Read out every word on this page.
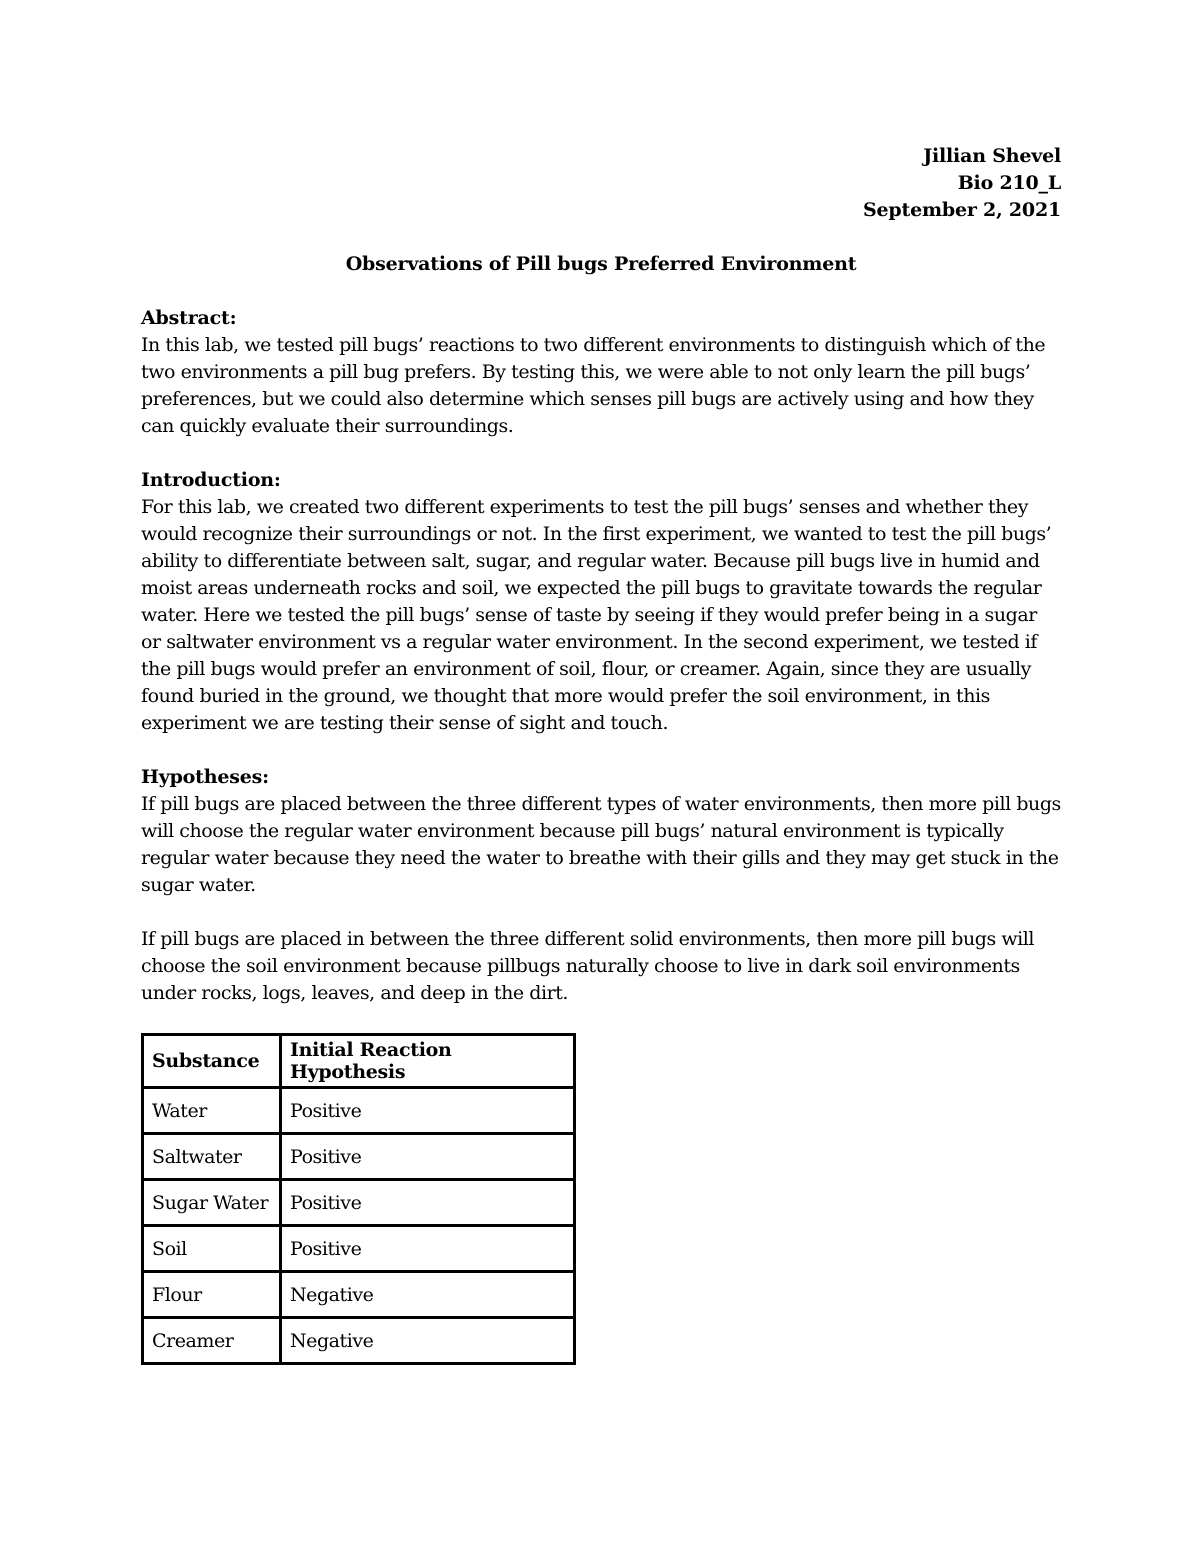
Jillian Shevel
Bio 210_L
September 2, 2021
Observations of Pill bugs Preferred Environment
Abstract:

In this lab, we tested pill bugs’ reactions to two different environments to distinguish which of the two environments a pill bug prefers. By testing this, we were able to not only learn the pill bugs’ preferences, but we could also determine which senses pill bugs are actively using and how they can quickly evaluate their surroundings.

Introduction:

For this lab, we created two different experiments to test the pill bugs’ senses and whether they would recognize their surroundings or not. In the first experiment, we wanted to test the pill bugs’ ability to differentiate between salt, sugar, and regular water. Because pill bugs live in humid and moist areas underneath rocks and soil, we expected the pill bugs to gravitate towards the regular water. Here we tested the pill bugs’ sense of taste by seeing if they would prefer being in a sugar or saltwater environment vs a regular water environment. In the second experiment, we tested if the pill bugs would prefer an environment of soil, flour, or creamer. Again, since they are usually found buried in the ground, we thought that more would prefer the soil environment, in this experiment we are testing their sense of sight and touch.

Hypotheses:

If pill bugs are placed between the three different types of water environments, then more pill bugs will choose the regular water environment because pill bugs’ natural environment is typically regular water because they need the water to breathe with their gills and they may get stuck in the sugar water.

If pill bugs are placed in between the three different solid environments, then more pill bugs will choose the soil environment because pillbugs naturally choose to live in dark soil environments under rocks, logs, leaves, and deep in the dirt.

Substance	Initial Reaction Hypothesis
Water	Positive
Saltwater	Positive
Sugar Water	Positive
Soil	Positive
Flour	Negative
Creamer	Negative
